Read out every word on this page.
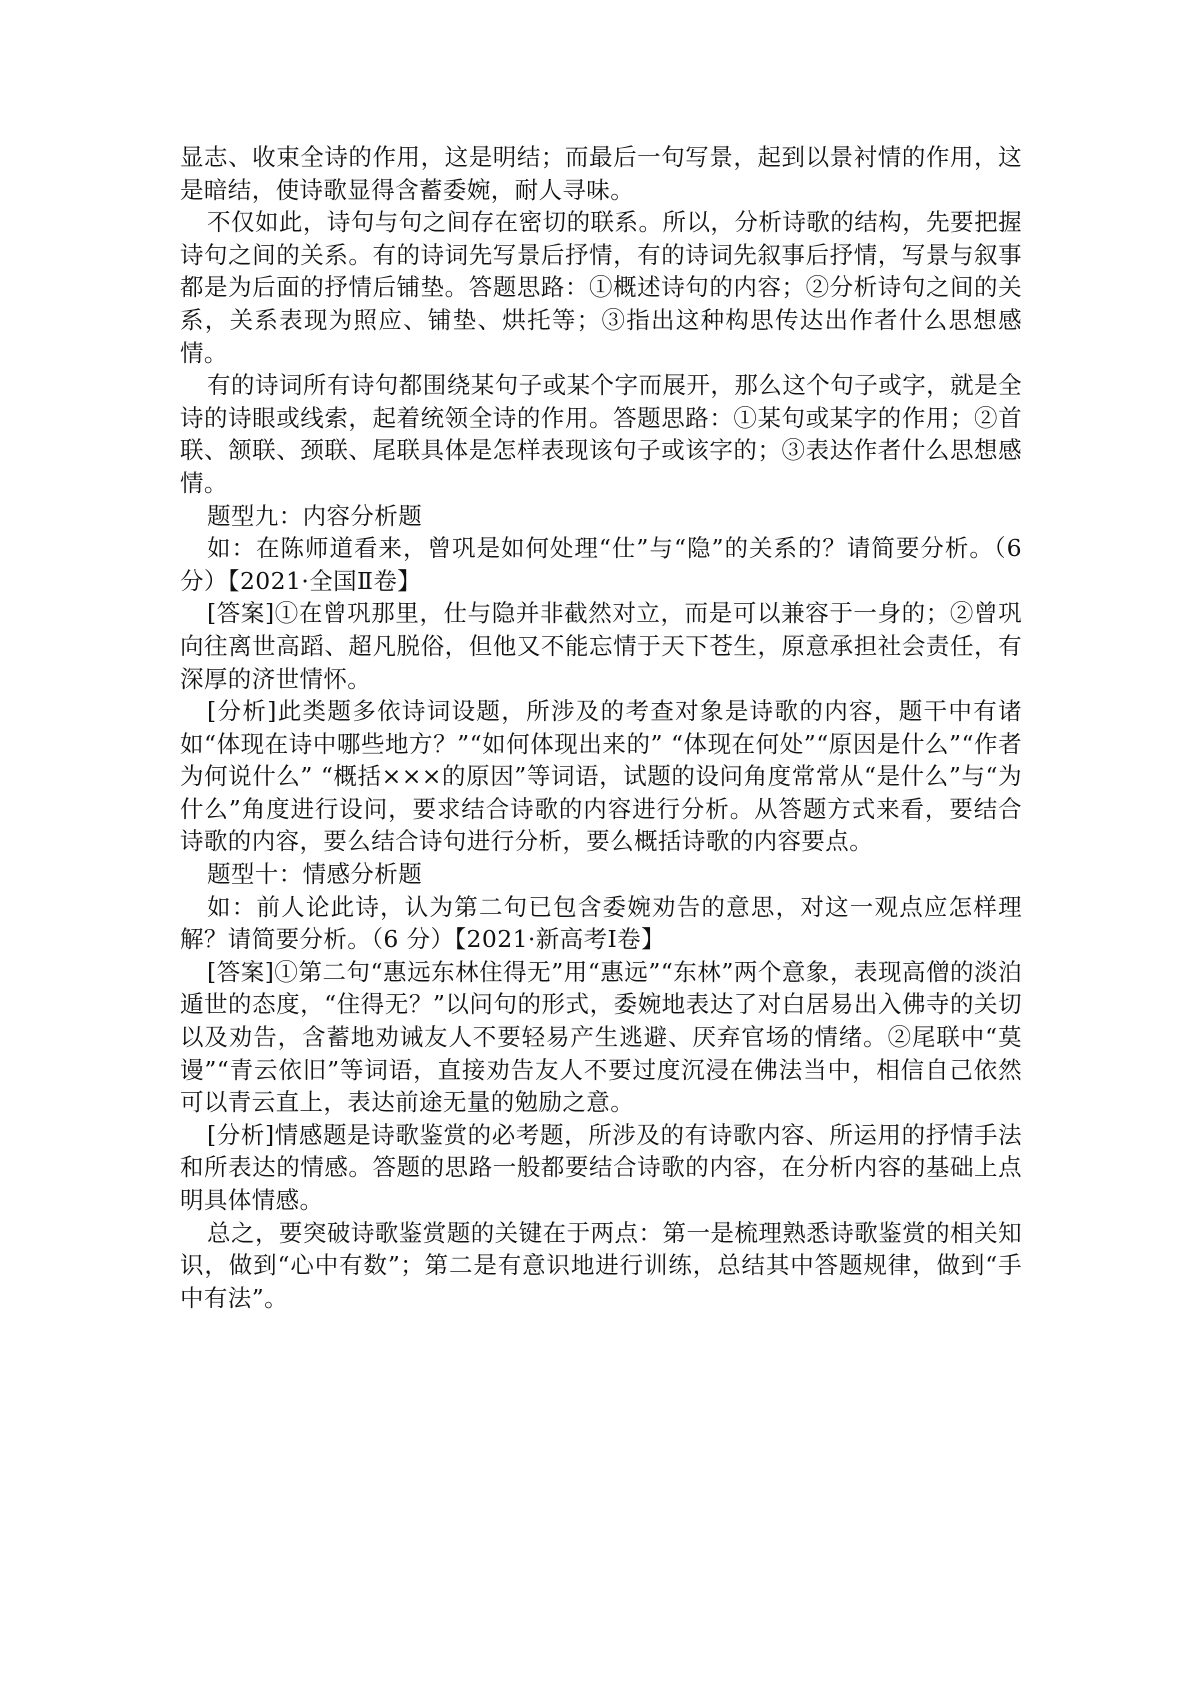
显志、收束全诗的作用，这是明结；而最后一句写景，起到以景衬情的作用，这是暗结，使诗歌显得含蓄委婉，耐人寻味。

不仅如此，诗句与句之间存在密切的联系。所以，分析诗歌的结构，先要把握诗句之间的关系。有的诗词先写景后抒情，有的诗词先叙事后抒情，写景与叙事都是为后面的抒情后铺垫。答题思路：①概述诗句的内容；②分析诗句之间的关系，关系表现为照应、铺垫、烘托等；③指出这种构思传达出作者什么思想感情。

有的诗词所有诗句都围绕某句子或某个字而展开，那么这个句子或字，就是全诗的诗眼或线索，起着统领全诗的作用。答题思路：①某句或某字的作用；②首联、颔联、颈联、尾联具体是怎样表现该句子或该字的；③表达作者什么思想感情。

题型九：内容分析题

如：在陈师道看来，曾巩是如何处理“仕”与“隐”的关系的？请简要分析。（6 分）【2021·全国Ⅱ卷】

[答案]①在曾巩那里，仕与隐并非截然对立，而是可以兼容于一身的；②曾巩向往离世高蹈、超凡脱俗，但他又不能忘情于天下苍生，原意承担社会责任，有深厚的济世情怀。

[分析]此类题多依诗词设题，所涉及的考查对象是诗歌的内容，题干中有诸如“体现在诗中哪些地方？”“如何体现出来的” “体现在何处”“原因是什么”“作者为何说什么” “概括×××的原因”等词语，试题的设问角度常常从“是什么”与“为什么”角度进行设问，要求结合诗歌的内容进行分析。从答题方式来看，要结合诗歌的内容，要么结合诗句进行分析，要么概括诗歌的内容要点。

题型十：情感分析题

如：前人论此诗，认为第二句已包含委婉劝告的意思，对这一观点应怎样理解？请简要分析。（6 分）【2021·新高考Ⅰ卷】

[答案]①第二句“惠远东林住得无”用“惠远”“东林”两个意象，表现高僧的淡泊遁世的态度，“住得无？”以问句的形式，委婉地表达了对白居易出入佛寺的关切以及劝告，含蓄地劝诫友人不要轻易产生逃避、厌弃官场的情绪。②尾联中“莫谩”“青云依旧”等词语，直接劝告友人不要过度沉浸在佛法当中，相信自己依然可以青云直上，表达前途无量的勉励之意。

[分析]情感题是诗歌鉴赏的必考题，所涉及的有诗歌内容、所运用的抒情手法和所表达的情感。答题的思路一般都要结合诗歌的内容，在分析内容的基础上点明具体情感。

总之，要突破诗歌鉴赏题的关键在于两点：第一是梳理熟悉诗歌鉴赏的相关知识，做到“心中有数”；第二是有意识地进行训练，总结其中答题规律，做到“手中有法”。
